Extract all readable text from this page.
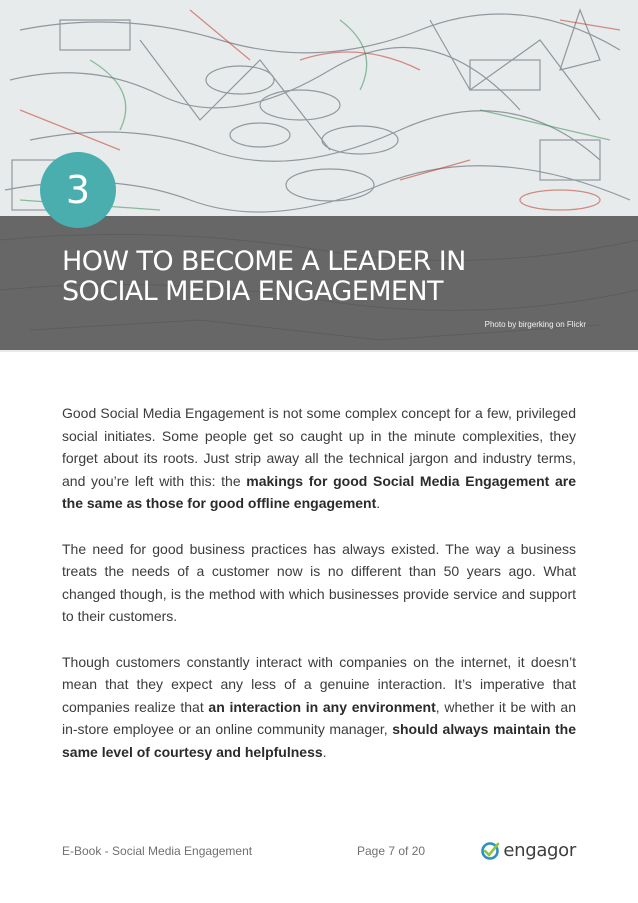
3
HOW TO BECOME A LEADER IN
SOCIAL MEDIA ENGAGEMENT
Photo by birgerking on Flickr

Good Social Media Engagement is not some complex concept for a few, privileged social initiates. Some people get so caught up in the minute complexities, they forget about its roots. Just strip away all the technical jargon and industry terms, and you’re left with this: the makings for good Social Media Engagement are the same as those for good offline engagement.

The need for good business practices has always existed. The way a business treats the needs of a customer now is no different than 50 years ago. What changed though, is the method with which businesses provide service and support to their customers.

Though customers constantly interact with companies on the internet, it doesn’t mean that they expect any less of a genuine interaction. It’s imperative that companies realize that an interaction in any environment, whether it be with an in-store employee or an online community manager, should always maintain the same level of courtesy and helpfulness.

E-Book - Social Media Engagement	Page 7 of 20	engagor
